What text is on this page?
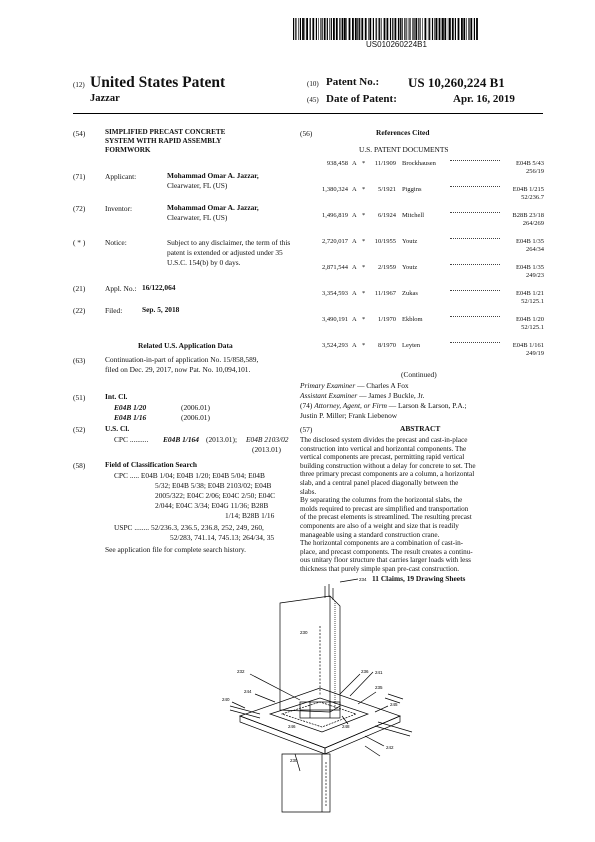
US010260224B1
(12) United States Patent
Jazzar
(10) Patent No.: US 10,260,224 B1
(45) Date of Patent:	Apr. 16, 2019
(54)	SIMPLIFIED PRECAST CONCRETE
SYSTEM WITH RAPID ASSEMBLY
FORMWORK
(71)	Applicant:	Mohammad Omar A. Jazzar,
Clearwater, FL (US)
(72)	Inventor:	Mohammad Omar A. Jazzar,
Clearwater, FL (US)
( * )	Notice:	Subject to any disclaimer, the term of this
patent is extended or adjusted under 35
U.S.C. 154(b) by 0 days.
(21)	Appl. No.: 16/122,064
(22)	Filed:	Sep. 5, 2018
Related U.S. Application Data
(63)	Continuation-in-part of application No. 15/858,589,
filed on Dec. 29, 2017, now Pat. No. 10,094,101.
(51)	Int. Cl.
E04B 1/20	(2006.01)
E04B 1/16	(2006.01)
(52)	U.S. Cl.
CPC .......... E04B 1/164 (2013.01); E04B 2103/02
(2013.01)
(58)	Field of Classification Search
CPC ..... E04B 1/04; E04B 1/20; E04B 5/04; E04B
5/32; E04B 5/38; E04B 2103/02; E04B
2005/322; E04C 2/06; E04C 2/50; E04C
2/044; E04C 3/34; E04G 11/36; B28B
1/14; B28B 1/16
USPC ........ 52/236.3, 236.5, 236.8, 252, 249, 260,
52/283, 741.14, 745.13; 264/34, 35
See application file for complete search history.
(56)	References Cited
U.S. PATENT DOCUMENTS
938,458 A * 11/1909 Brockhausen	E04B 5/43
256/19
1,380,324 A * 5/1921 Piggins	E04B 1/215
52/236.7
1,496,819 A * 6/1924 Mitchell	B28B 23/18
264/269
2,720,017 A * 10/1955 Youtz	E04B 1/35
264/34
2,871,544 A * 2/1959 Youtz	E04B 1/35
249/23
3,354,593 A * 11/1967 Zukas	E04B 1/21
52/125.1
3,490,191 A * 1/1970 Ekblom	E04B 1/20
52/125.1
3,524,293 A * 8/1970 Leyten	E04B 1/161
249/19
(Continued)
Primary Examiner — Charles A Fox
Assistant Examiner — James J Buckle, Jr.
(74) Attorney, Agent, or Firm — Larson & Larson, P.A.;
Justin P. Miller; Frank Liebenow
(57)	ABSTRACT
The disclosed system divides the precast and cast-in-place
construction into vertical and horizontal components. The
vertical components are precast, permitting rapid vertical
building construction without a delay for concrete to set. The
three primary precast components are a column, a horizontal
slab, and a central panel placed diagonally between the
slabs.
By separating the columns from the horizontal slabs, the
molds required to precast are simplified and transportation
of the precast elements is streamlined. The resulting precast
components are also of a weight and size that is readily
manageable using a standard construction crane.
The horizontal components are a combination of cast-in-
place, and precast components. The result creates a continu-
ous unitary floor structure that carries larger loads with less
thickness that purely simple span pre-cast construction.
11 Claims, 19 Drawing Sheets
234
230
232	236 241
240
244
235
245
246	248
242
230
